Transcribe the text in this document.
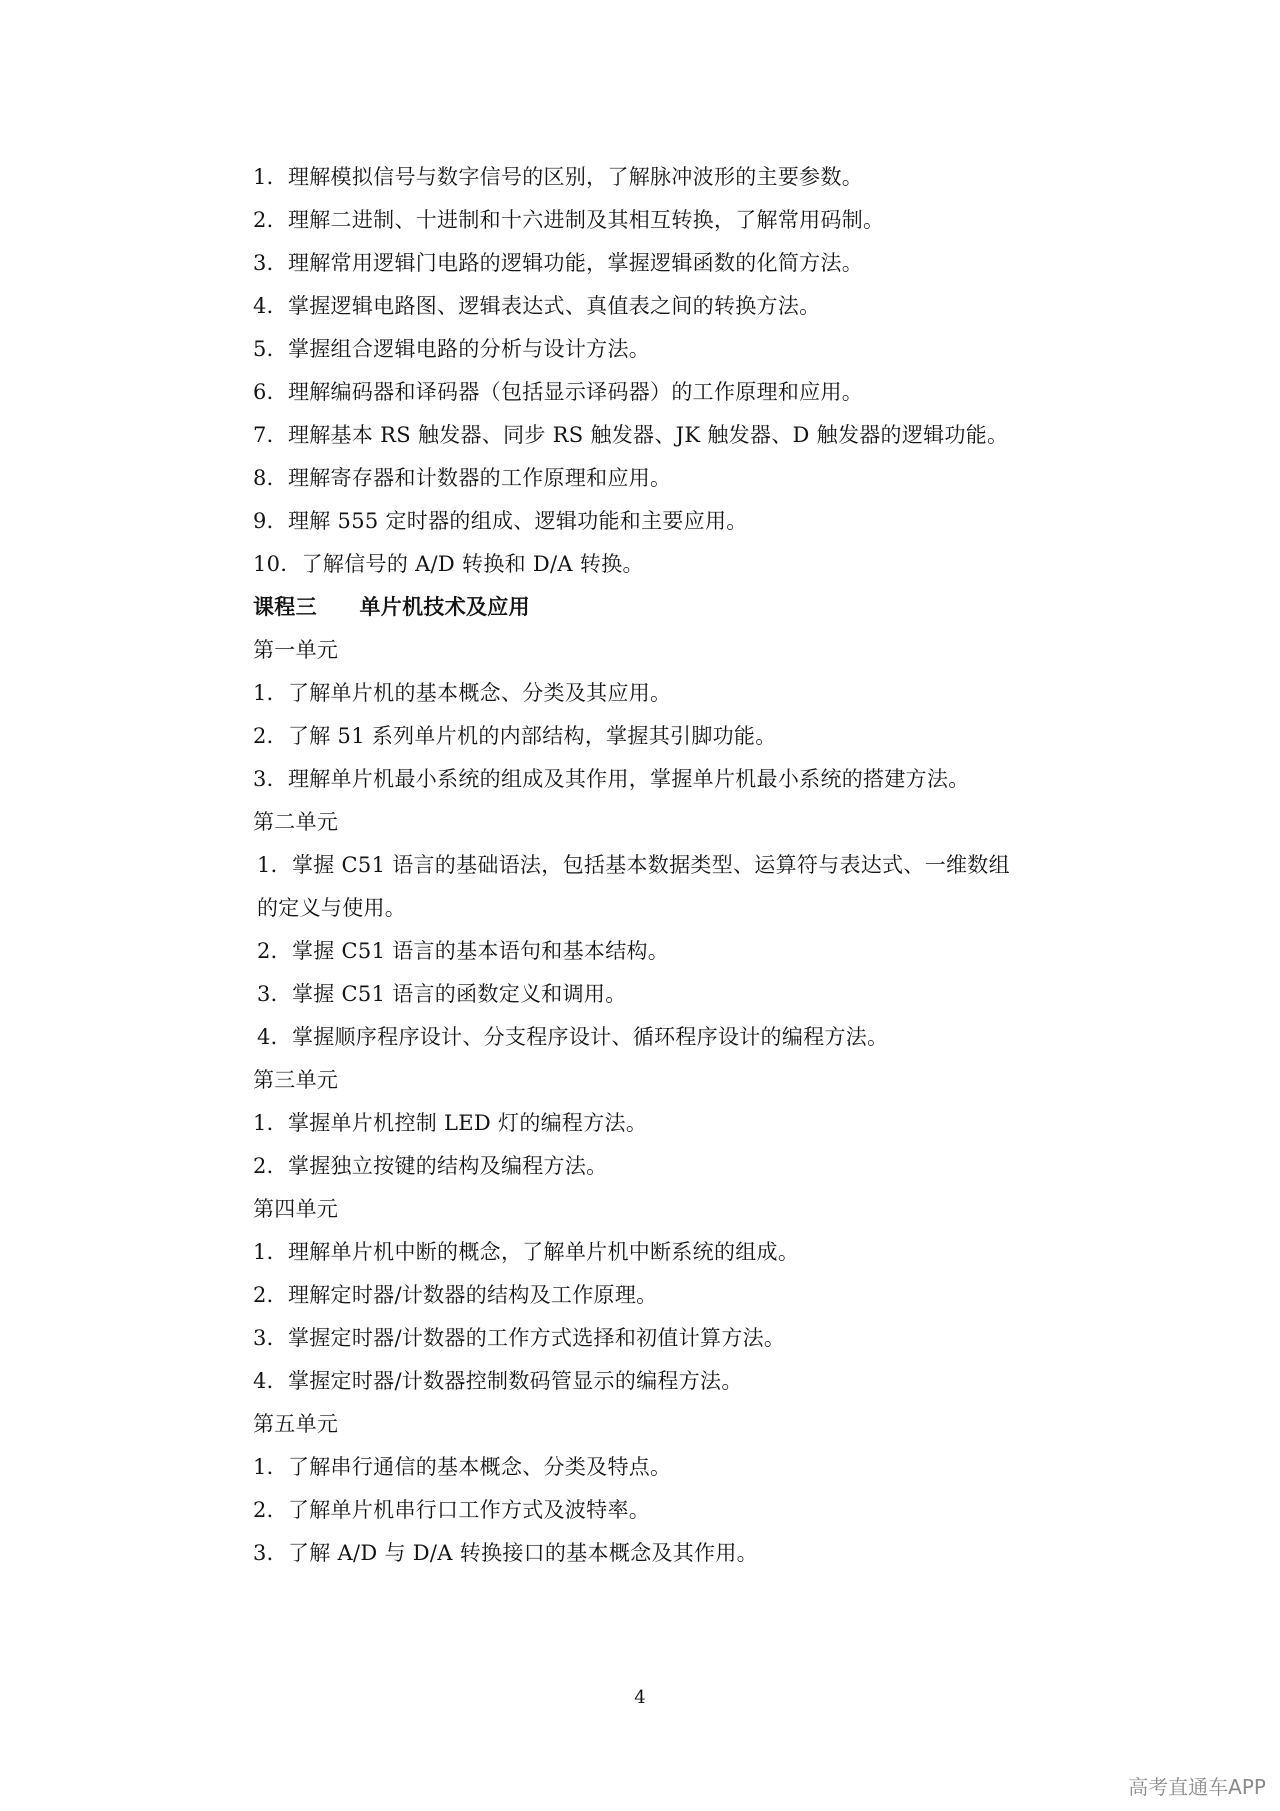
1．理解模拟信号与数字信号的区别，了解脉冲波形的主要参数。
2．理解二进制、十进制和十六进制及其相互转换，了解常用码制。
3．理解常用逻辑门电路的逻辑功能，掌握逻辑函数的化简方法。
4．掌握逻辑电路图、逻辑表达式、真值表之间的转换方法。
5．掌握组合逻辑电路的分析与设计方法。
6．理解编码器和译码器（包括显示译码器）的工作原理和应用。
7．理解基本 RS 触发器、同步 RS 触发器、JK 触发器、D 触发器的逻辑功能。
8．理解寄存器和计数器的工作原理和应用。
9．理解 555 定时器的组成、逻辑功能和主要应用。
10．了解信号的 A/D 转换和 D/A 转换。
课程三　　单片机技术及应用
第一单元
1．了解单片机的基本概念、分类及其应用。
2．了解 51 系列单片机的内部结构，掌握其引脚功能。
3．理解单片机最小系统的组成及其作用，掌握单片机最小系统的搭建方法。
第二单元
1．掌握 C51 语言的基础语法，包括基本数据类型、运算符与表达式、一维数组
的定义与使用。
2．掌握 C51 语言的基本语句和基本结构。
3．掌握 C51 语言的函数定义和调用。
4．掌握顺序程序设计、分支程序设计、循环程序设计的编程方法。
第三单元
1．掌握单片机控制 LED 灯的编程方法。
2．掌握独立按键的结构及编程方法。
第四单元
1．理解单片机中断的概念，了解单片机中断系统的组成。
2．理解定时器/计数器的结构及工作原理。
3．掌握定时器/计数器的工作方式选择和初值计算方法。
4．掌握定时器/计数器控制数码管显示的编程方法。
第五单元
1．了解串行通信的基本概念、分类及特点。
2．了解单片机串行口工作方式及波特率。
3．了解 A/D 与 D/A 转换接口的基本概念及其作用。
4
高考直通车APP
